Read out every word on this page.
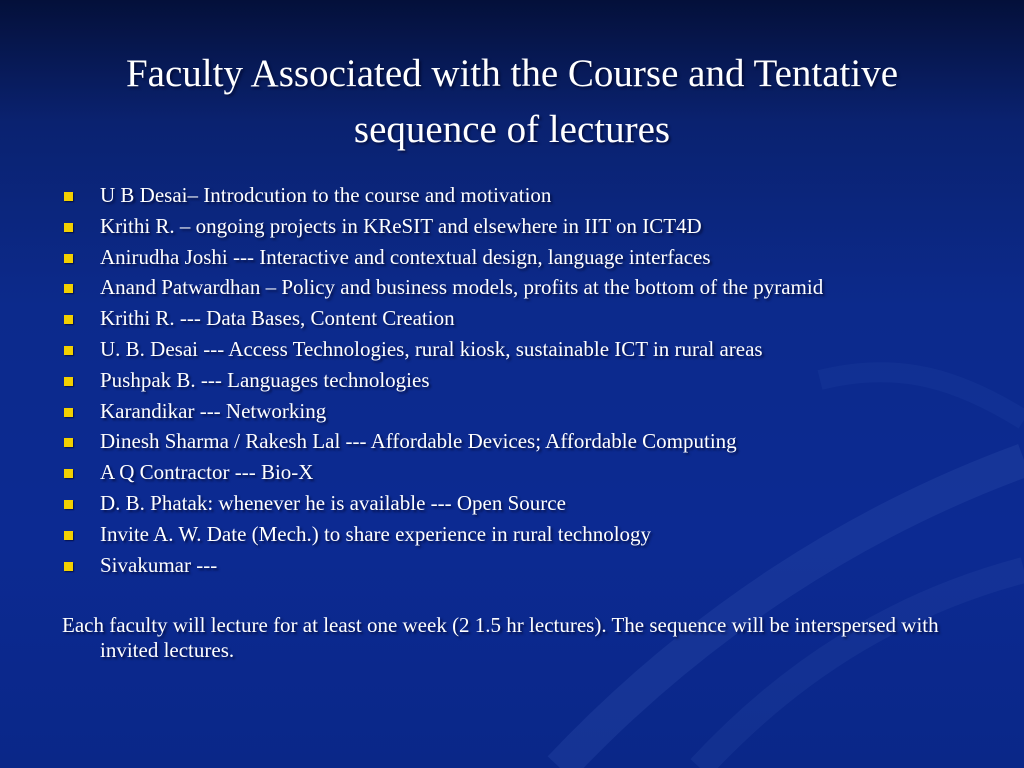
Faculty Associated with the Course and Tentative
sequence of lectures
U B Desai– Introdcution to the course and motivation
Krithi R. – ongoing projects in KReSIT and elsewhere in IIT on ICT4D
Anirudha Joshi --- Interactive and contextual design, language interfaces
Anand Patwardhan – Policy and business models, profits at the bottom of the pyramid
Krithi R. --- Data Bases, Content Creation
U. B. Desai --- Access Technologies, rural kiosk, sustainable ICT in rural areas
Pushpak B. --- Languages technologies
Karandikar --- Networking
Dinesh Sharma / Rakesh Lal --- Affordable Devices; Affordable Computing
A Q Contractor --- Bio-X
D. B. Phatak: whenever he is available --- Open Source
Invite A. W. Date (Mech.) to share experience in rural technology
Sivakumar ---
Each faculty will lecture for at least one week (2 1.5 hr lectures). The sequence will be interspersed with invited lectures.
